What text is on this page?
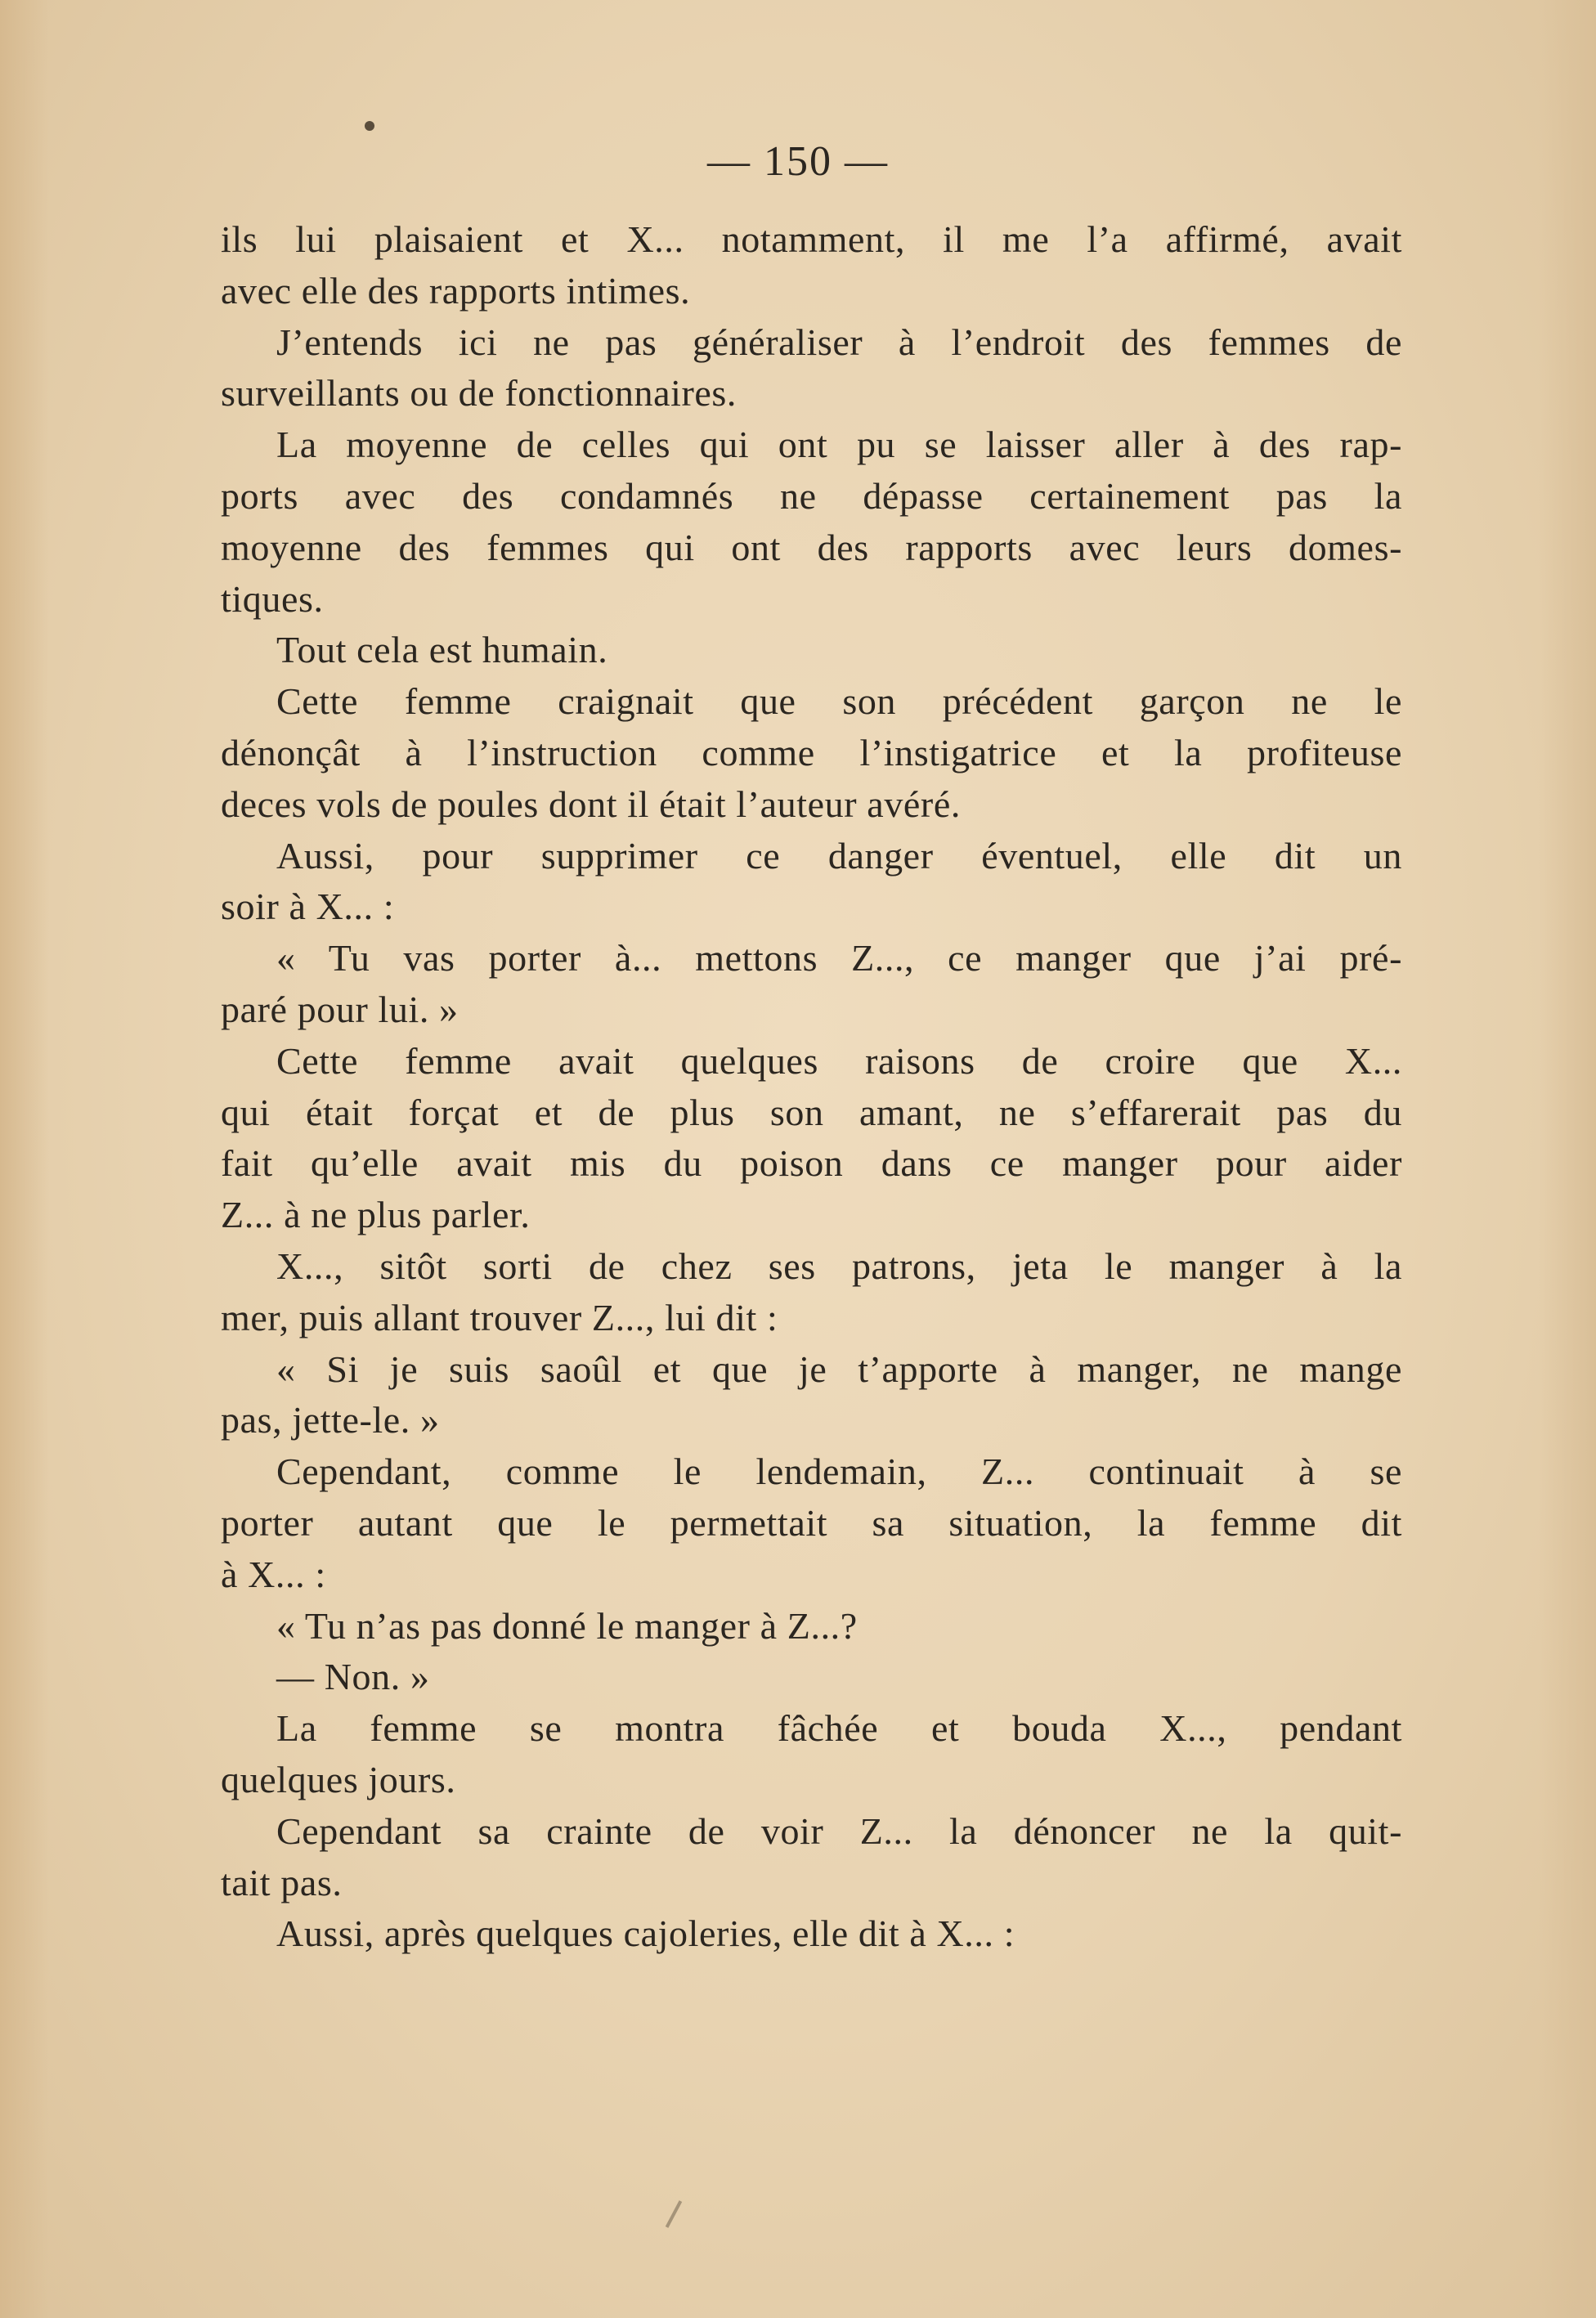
— 150 —
ils lui plaisaient et X... notamment, il me l’a affirmé, avait
avec elle des rapports intimes.
J’entends ici ne pas généraliser à l’endroit des femmes de
surveillants ou de fonctionnaires.
La moyenne de celles qui ont pu se laisser aller à des rap-
ports avec des condamnés ne dépasse certainement pas la
moyenne des femmes qui ont des rapports avec leurs domes-
tiques.
Tout cela est humain.
Cette femme craignait que son précédent garçon ne le
dénonçât à l’instruction comme l’instigatrice et la profiteuse
deces vols de poules dont il était l’auteur avéré.
Aussi, pour supprimer ce danger éventuel, elle dit un
soir à X... :
« Tu vas porter à... mettons Z..., ce manger que j’ai pré-
paré pour lui. »
Cette femme avait quelques raisons de croire que X...
qui était forçat et de plus son amant, ne s’effarerait pas du
fait qu’elle avait mis du poison dans ce manger pour aider
Z... à ne plus parler.
X..., sitôt sorti de chez ses patrons, jeta le manger à la
mer, puis allant trouver Z..., lui dit :
« Si je suis saoûl et que je t’apporte à manger, ne mange
pas, jette-le. »
Cependant, comme le lendemain, Z... continuait à se
porter autant que le permettait sa situation, la femme dit
à X... :
« Tu n’as pas donné le manger à Z...?
— Non. »
La femme se montra fâchée et bouda X..., pendant
quelques jours.
Cependant sa crainte de voir Z... la dénoncer ne la quit-
tait pas.
Aussi, après quelques cajoleries, elle dit à X... :
